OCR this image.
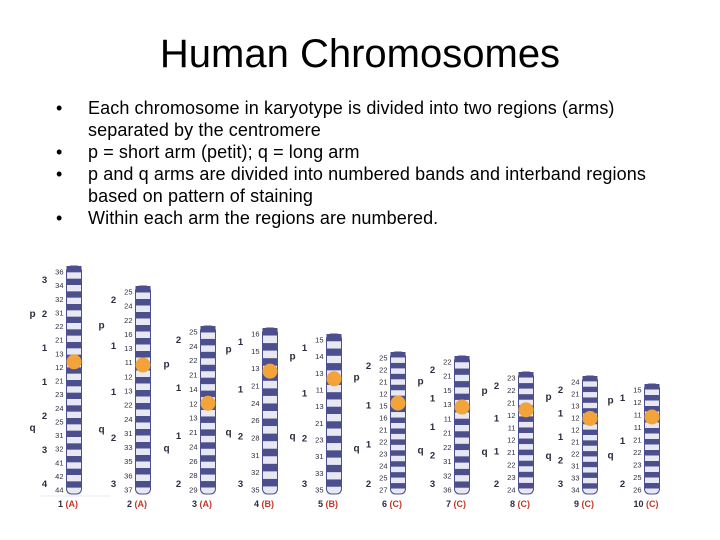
Human Chromosomes
•	Each chromosome in karyotype is divided into two regions (arms) separated by the centromere
•	p = short arm (petit); q = long arm
•	p and q arms are divided into numbered bands and interband regions based on pattern of staining
•	Within each arm the regions are numbered.
36
34
32
31
22
21
13
12
21
23
24
25
31
32
41
42
44
3
2
1
1
2
3
4
p
q
1 (A)
25
24
22
16
13
11
12
13
22
24
31
33
35
36
37
2
1
1
2
3
p
q
2 (A)
25
24
22
21
14
12
13
21
24
26
28
29
2
1
1
2
p
q
3 (A)
16
15
13
21
24
26
28
31
32
35
1
1
2
3
p
q
4 (B)
15
14
13
11
13
21
23
31
33
35
1
1
2
3
p
q
5 (B)
25
22
21
12
15
16
21
22
23
24
25
27
2
1
1
2
p
q
6 (C)
22
21
15
13
11
21
22
31
32
36
2
1
1
2
3
p
q
7 (C)
23
22
21
12
11
12
21
22
23
24
2
1
1
2
p
q
8 (C)
24
21
13
12
12
21
22
31
33
34
2
1
1
2
3
p
q
9 (C)
15
12
11
11
21
22
23
25
26
1
1
2
p
q
10 (C)
